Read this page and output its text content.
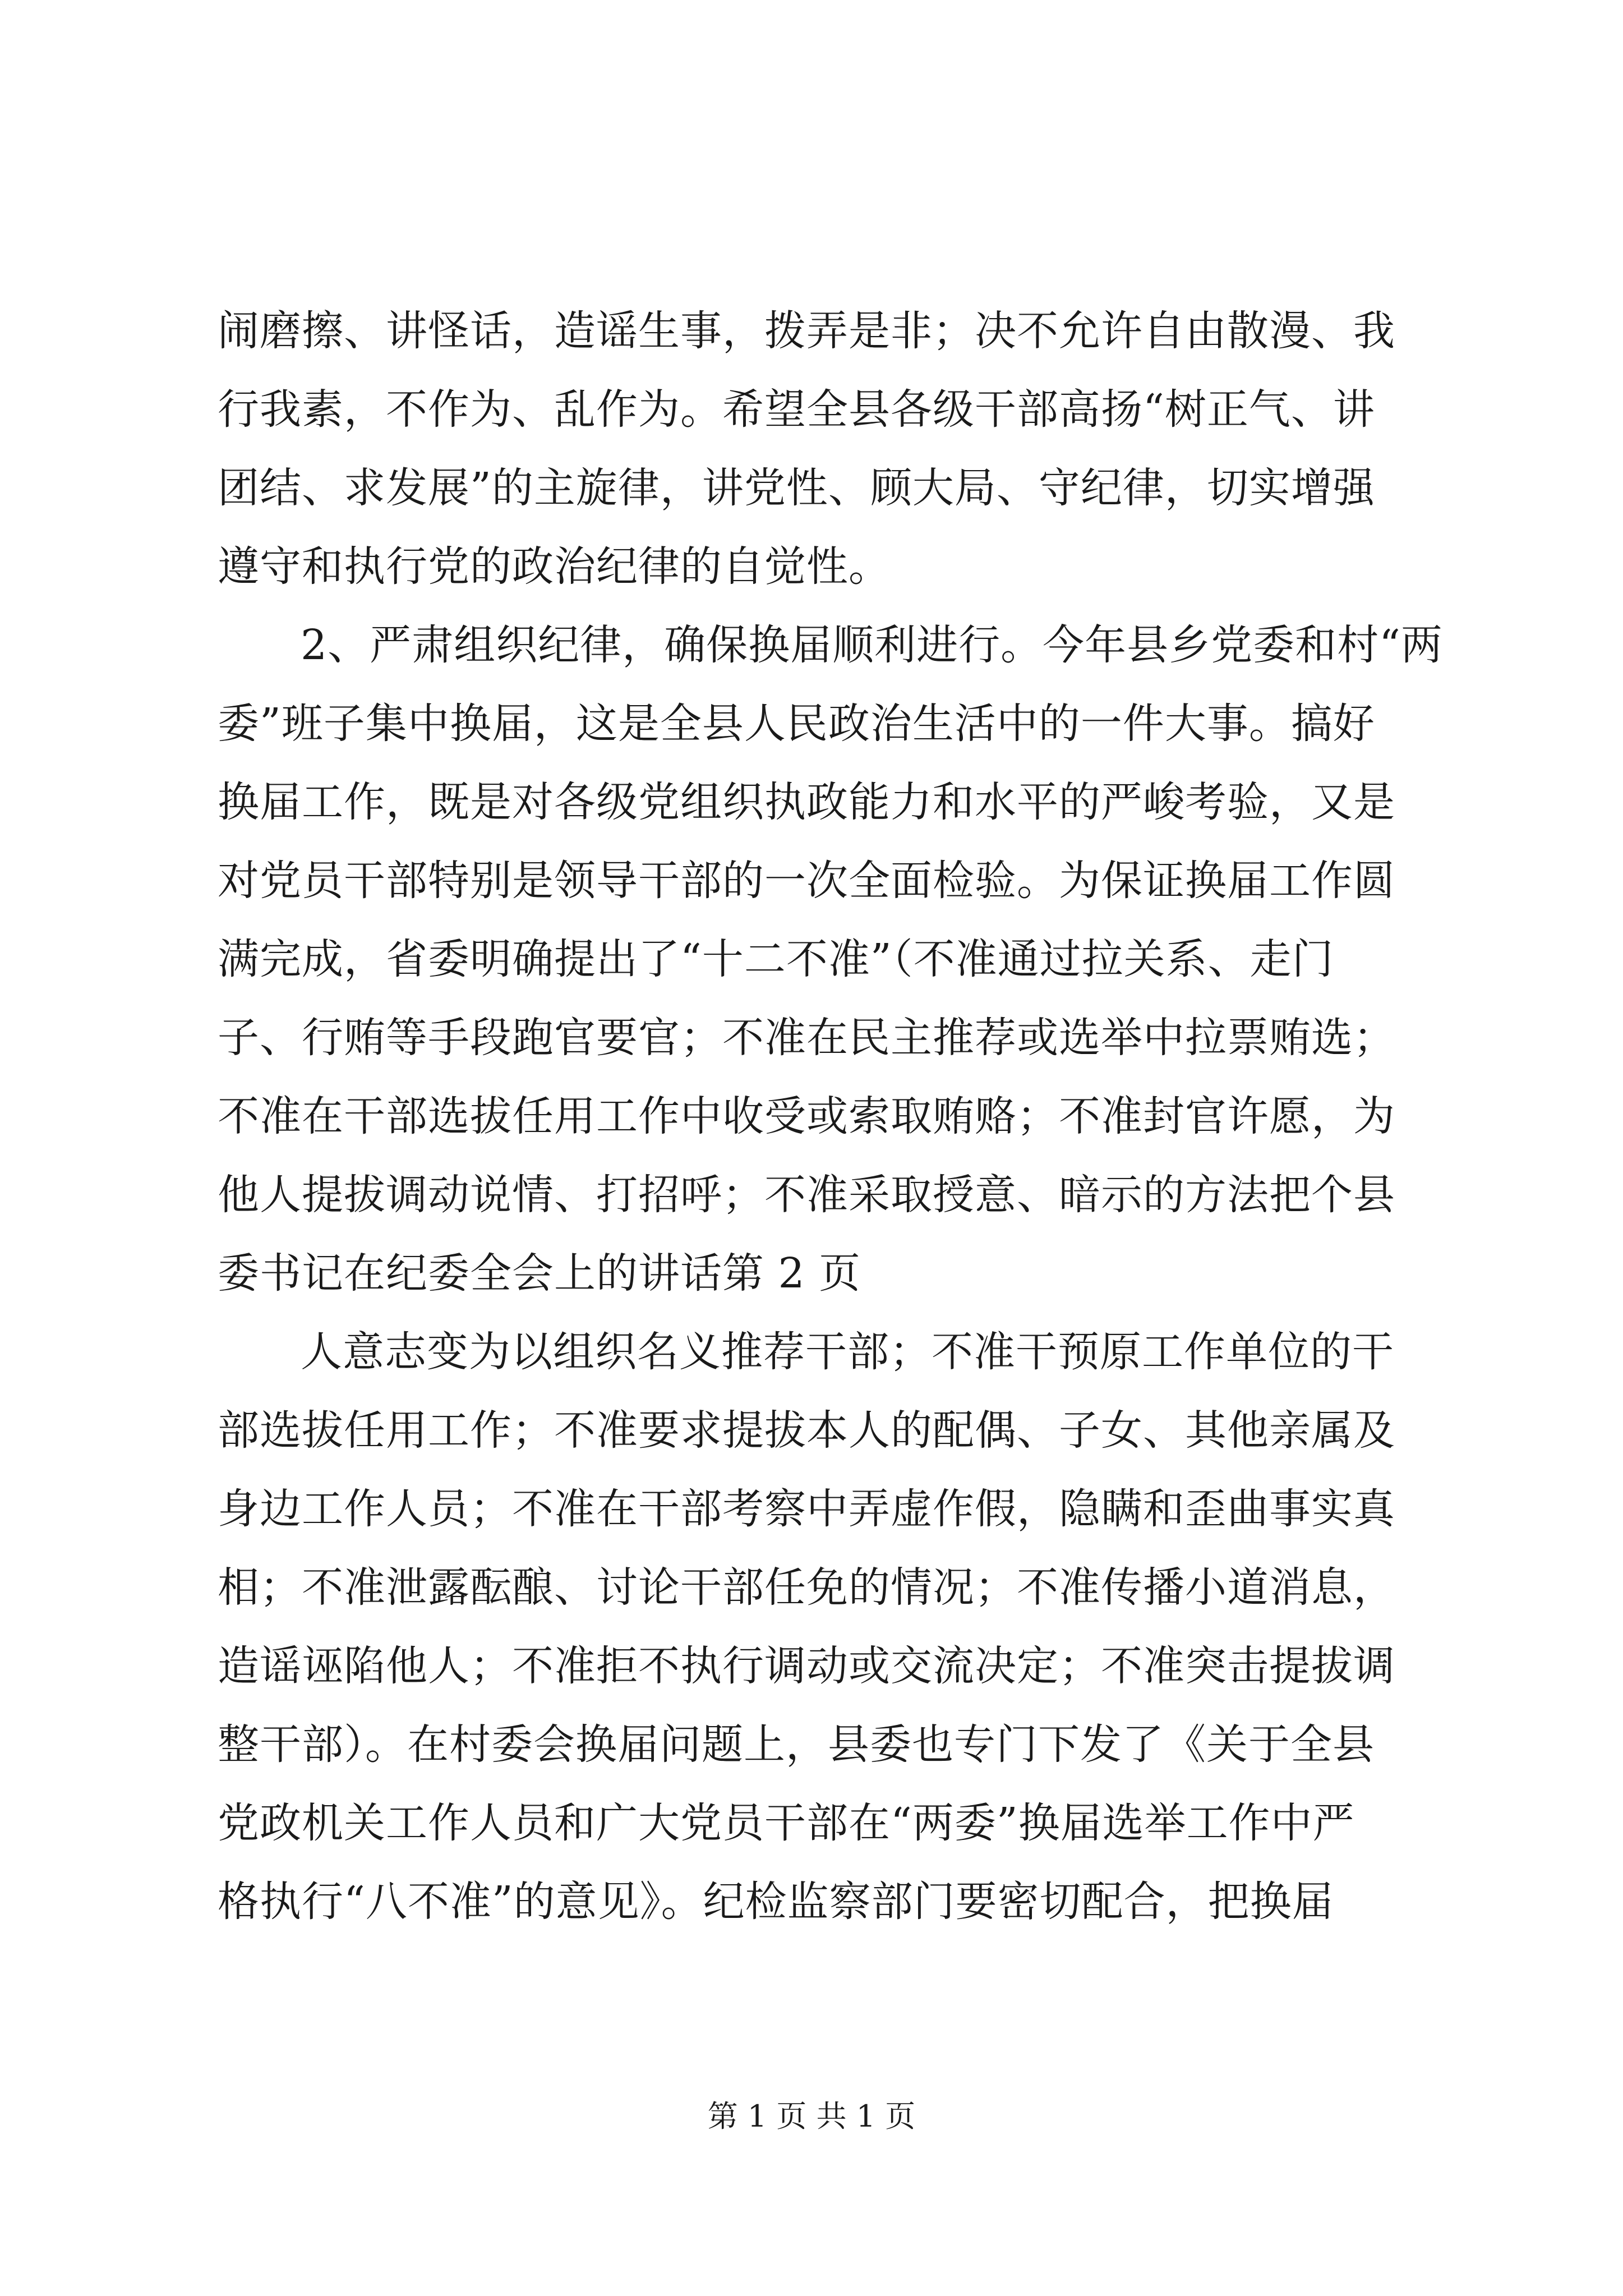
闹磨擦、讲怪话，造谣生事，拨弄是非；决不允许自由散漫、我
行我素，不作为、乱作为。希望全县各级干部高扬“树正气、讲
团结、求发展”的主旋律，讲党性、顾大局、守纪律，切实增强
遵守和执行党的政治纪律的自觉性。
2、严肃组织纪律，确保换届顺利进行。今年县乡党委和村“两
委”班子集中换届，这是全县人民政治生活中的一件大事。搞好
换届工作，既是对各级党组织执政能力和水平的严峻考验，又是
对党员干部特别是领导干部的一次全面检验。为保证换届工作圆
满完成，省委明确提出了“十二不准”（不准通过拉关系、走门
子、行贿等手段跑官要官；不准在民主推荐或选举中拉票贿选；
不准在干部选拔任用工作中收受或索取贿赂；不准封官许愿，为
他人提拔调动说情、打招呼；不准采取授意、暗示的方法把个县
委书记在纪委全会上的讲话第 2 页
人意志变为以组织名义推荐干部；不准干预原工作单位的干
部选拔任用工作；不准要求提拔本人的配偶、子女、其他亲属及
身边工作人员；不准在干部考察中弄虚作假，隐瞒和歪曲事实真
相；不准泄露酝酿、讨论干部任免的情况；不准传播小道消息，
造谣诬陷他人；不准拒不执行调动或交流决定；不准突击提拔调
整干部）。在村委会换届问题上，县委也专门下发了《关于全县
党政机关工作人员和广大党员干部在“两委”换届选举工作中严
格执行“八不准”的意见》。纪检监察部门要密切配合，把换届
第 1 页 共 1 页
